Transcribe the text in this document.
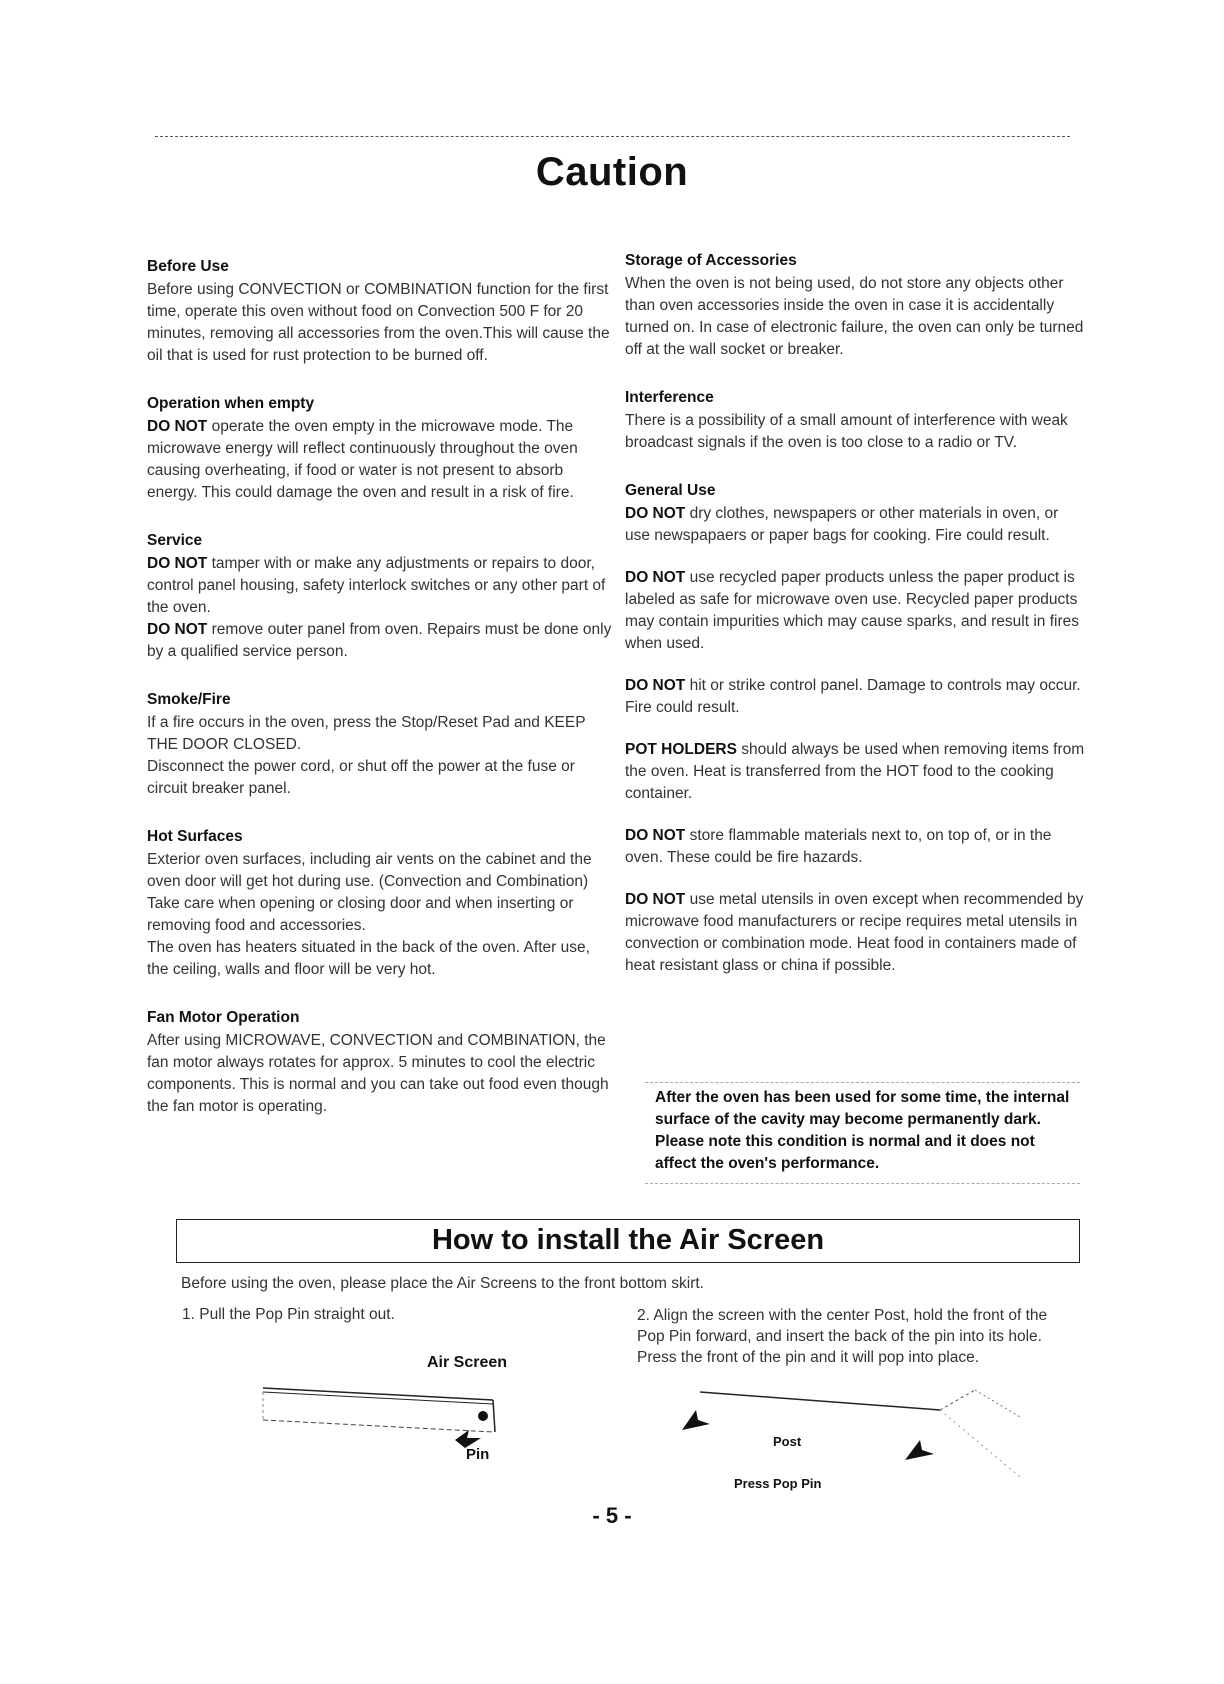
Caution
Before Use

Before using CONVECTION or COMBINATION function for the first time, operate this oven without food on Convection 500 F for 20 minutes, removing all accessories from the oven.This will cause the oil that is used for rust protection to be burned off.

Operation when empty

DO NOT operate the oven empty in the microwave mode. The microwave energy will reflect continuously throughout the oven causing overheating, if food or water is not present to absorb energy. This could damage the oven and result in a risk of fire.

Service

DO NOT tamper with or make any adjustments or repairs to door, control panel housing, safety interlock switches or any other part of the oven.

DO NOT remove outer panel from oven. Repairs must be done only by a qualified service person.

Smoke/Fire

If a fire occurs in the oven, press the Stop/Reset Pad and KEEP THE DOOR CLOSED.

Disconnect the power cord, or shut off the power at the fuse or circuit breaker panel.

Hot Surfaces

Exterior oven surfaces, including air vents on the cabinet and the oven door will get hot during use. (Convection and Combination) Take care when opening or closing door and when inserting or removing food and accessories.

The oven has heaters situated in the back of the oven. After use, the ceiling, walls and floor will be very hot.

Fan Motor Operation

After using MICROWAVE, CONVECTION and COMBINATION, the fan motor always rotates for approx. 5 minutes to cool the electric components. This is normal and you can take out food even though the fan motor is operating.

Storage of Accessories

When the oven is not being used, do not store any objects other than oven accessories inside the oven in case it is accidentally turned on. In case of electronic failure, the oven can only be turned off at the wall socket or breaker.

Interference

There is a possibility of a small amount of interference with weak broadcast signals if the oven is too close to a radio or TV.

General Use

DO NOT dry clothes, newspapers or other materials in oven, or use newspapaers or paper bags for cooking. Fire could result.

DO NOT use recycled paper products unless the paper product is labeled as safe for microwave oven use. Recycled paper products may contain impurities which may cause sparks, and result in fires when used.

DO NOT hit or strike control panel. Damage to controls may occur. Fire could result.

POT HOLDERS should always be used when removing items from the oven. Heat is transferred from the HOT food to the cooking container.

DO NOT store flammable materials next to, on top of, or in the oven. These could be fire hazards.

DO NOT use metal utensils in oven except when recommended by microwave food manufacturers or recipe requires metal utensils in convection or combination mode. Heat food in containers made of heat resistant glass or china if possible.

After the oven has been used for some time, the internal surface of the cavity may become permanently dark. Please note this condition is normal and it does not affect the oven's performance.
How to install the Air Screen
Before using the oven, please place the Air Screens to the front bottom skirt.
1. Pull the Pop Pin straight out.	2. Align the screen with the center Post, hold the front of the Pop Pin forward, and insert the back of the pin into its hole. Press the front of the pin and it will pop into place.
Air Screen
Pin
Post
Press Pop Pin
- 5 -
